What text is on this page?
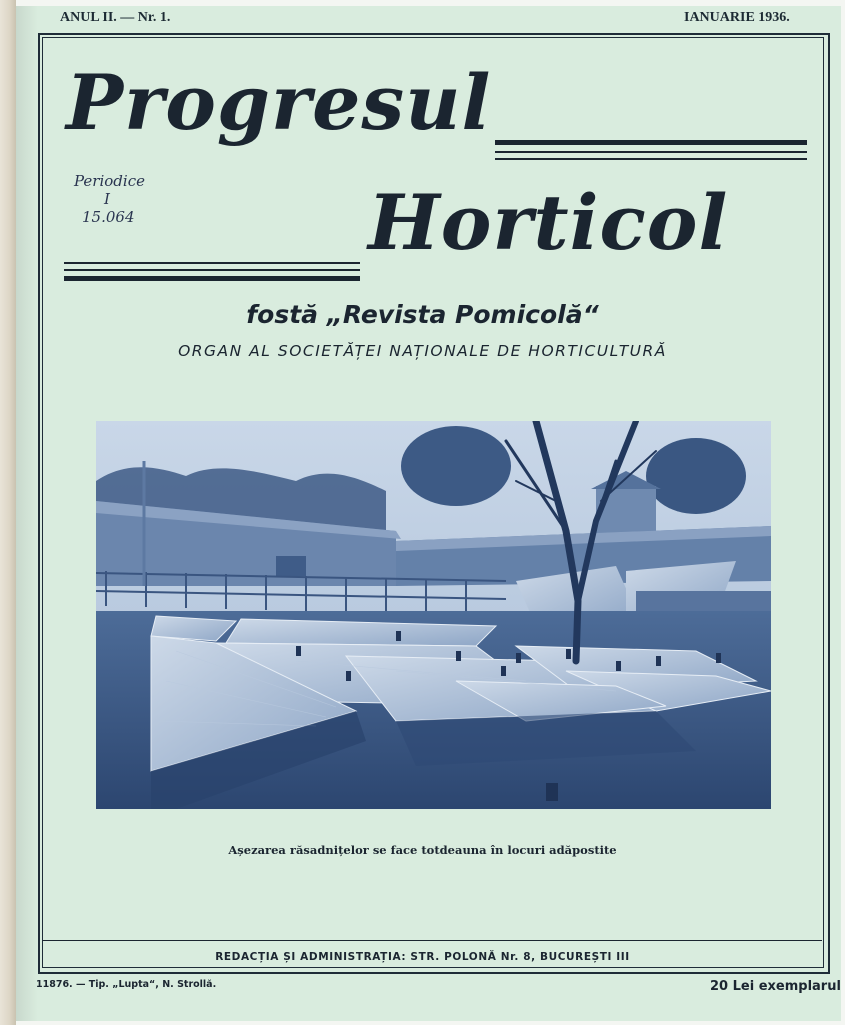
ANUL II. — Nr. 1.	IANUARIE 1936.
Progresul
Periodice
I
15.064	Horticol
fostă „Revista Pomicolă“
ORGAN AL SOCIETĂȚEI NAȚIONALE DE HORTICULTURĂ
Așezarea răsadnițelor se face totdeauna în locuri adăpostite
REDACȚIA ȘI ADMINISTRAȚIA: STR. POLONĂ Nr. 8, BUCUREȘTI III
11876. — Tip. „Lupta“, N. Strollă.	20 Lei exemplarul
